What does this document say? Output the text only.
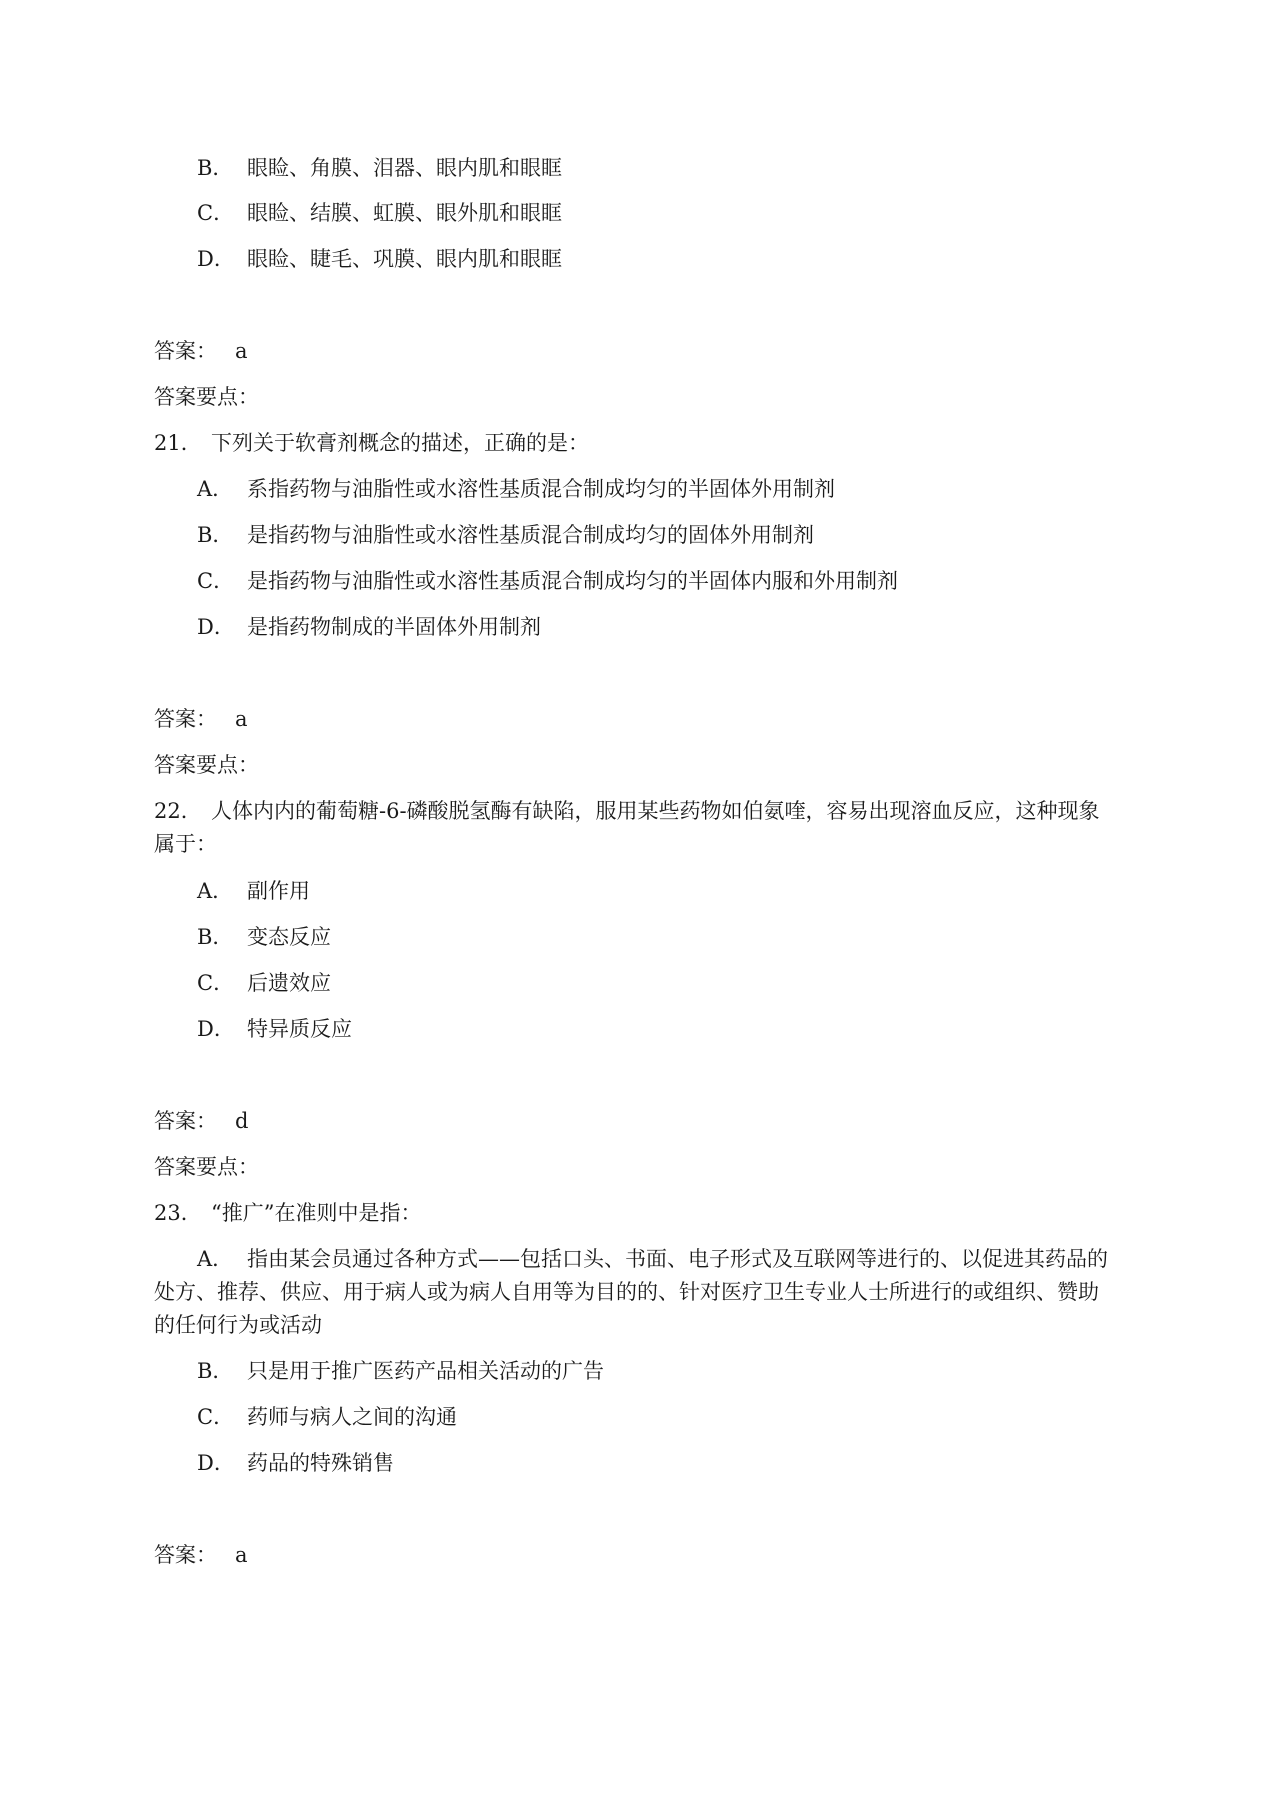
B． 眼睑、角膜、泪器、眼内肌和眼眶
C． 眼睑、结膜、虹膜、眼外肌和眼眶
D． 眼睑、睫毛、巩膜、眼内肌和眼眶
答案： a
答案要点：
21． 下列关于软膏剂概念的描述，正确的是：
A． 系指药物与油脂性或水溶性基质混合制成均匀的半固体外用制剂
B． 是指药物与油脂性或水溶性基质混合制成均匀的固体外用制剂
C． 是指药物与油脂性或水溶性基质混合制成均匀的半固体内服和外用制剂
D． 是指药物制成的半固体外用制剂
答案： a
答案要点：
22． 人体内内的葡萄糖-6-磷酸脱氢酶有缺陷，服用某些药物如伯氨喹，容易出现溶血反应，这种现象属于：
A． 副作用
B． 变态反应
C． 后遗效应
D． 特异质反应
答案： d
答案要点：
23． “推广”在准则中是指：
A． 指由某会员通过各种方式——包括口头、书面、电子形式及互联网等进行的、以促进其药品的处方、推荐、供应、用于病人或为病人自用等为目的的、针对医疗卫生专业人士所进行的或组织、赞助的任何行为或活动
B． 只是用于推广医药产品相关活动的广告
C． 药师与病人之间的沟通
D． 药品的特殊销售
答案： a
